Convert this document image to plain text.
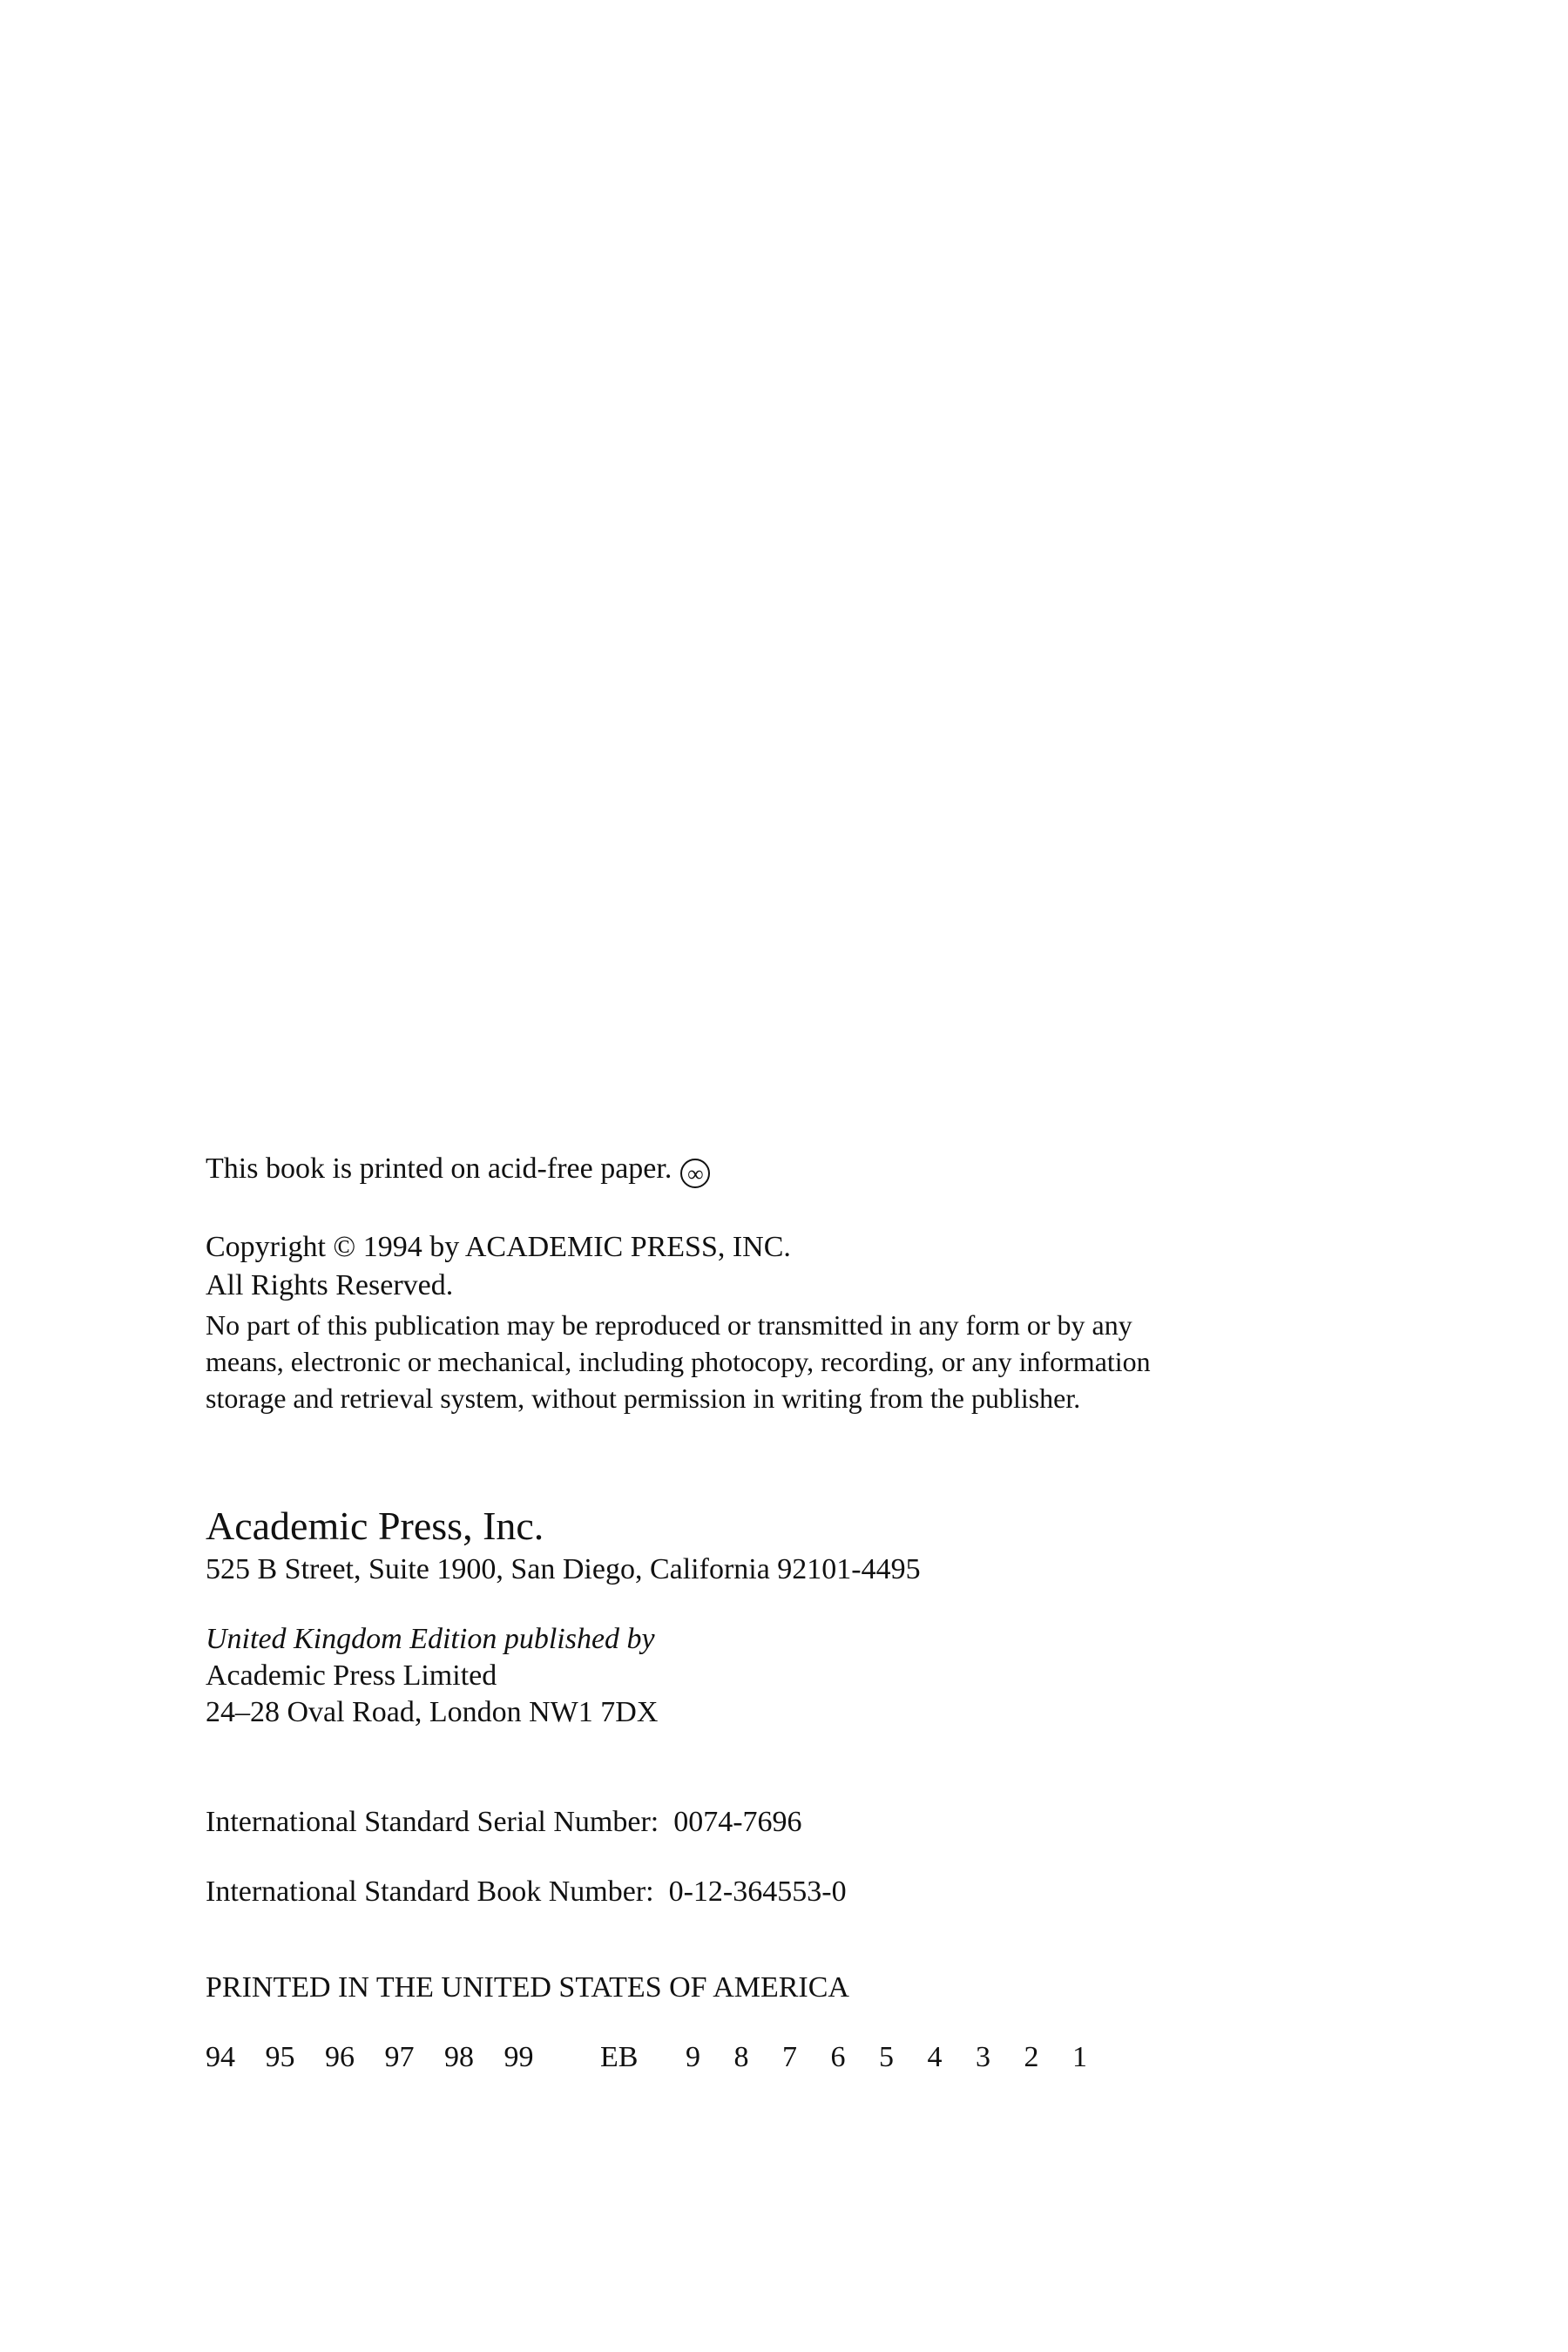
This book is printed on acid-free paper. ∞
Copyright © 1994 by ACADEMIC PRESS, INC.
All Rights Reserved.
No part of this publication may be reproduced or transmitted in any form or by any
means, electronic or mechanical, including photocopy, recording, or any information
storage and retrieval system, without permission in writing from the publisher.
Academic Press, Inc.
525 B Street, Suite 1900, San Diego, California 92101-4495
United Kingdom Edition published by
Academic Press Limited
24–28 Oval Road, London NW1 7DX
International Standard Serial Number:  0074-7696
International Standard Book Number:  0-12-364553-0
PRINTED IN THE UNITED STATES OF AMERICA
94 95 96 97 98 99 EB 9 8 7 6 5 4 3 2 1
